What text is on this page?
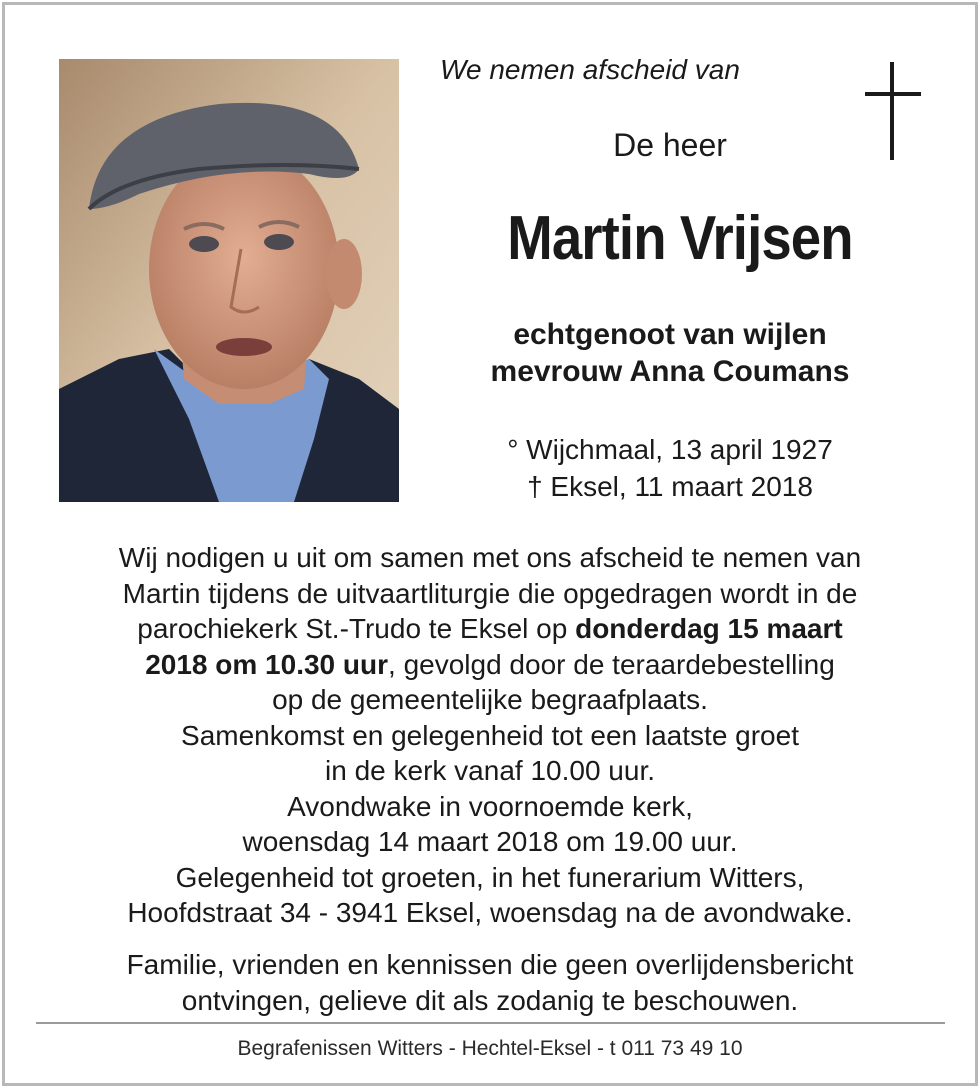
We nemen afscheid van
De heer
Martin Vrijsen
echtgenoot van wijlen
mevrouw Anna Coumans
° Wijchmaal, 13 april 1927
† Eksel, 11 maart 2018
Wij nodigen u uit om samen met ons afscheid te nemen van
Martin tijdens de uitvaartliturgie die opgedragen wordt in de
parochiekerk St.-Trudo te Eksel op donderdag 15 maart
2018 om 10.30 uur, gevolgd door de teraardebestelling
op de gemeentelijke begraafplaats.
Samenkomst en gelegenheid tot een laatste groet
in de kerk vanaf 10.00 uur.
Avondwake in voornoemde kerk,
woensdag 14 maart 2018 om 19.00 uur.
Gelegenheid tot groeten, in het funerarium Witters,
Hoofdstraat 34 - 3941 Eksel, woensdag na de avondwake.
Familie, vrienden en kennissen die geen overlijdensbericht
ontvingen, gelieve dit als zodanig te beschouwen.
Begrafenissen Witters - Hechtel-Eksel - t 011 73 49 10
